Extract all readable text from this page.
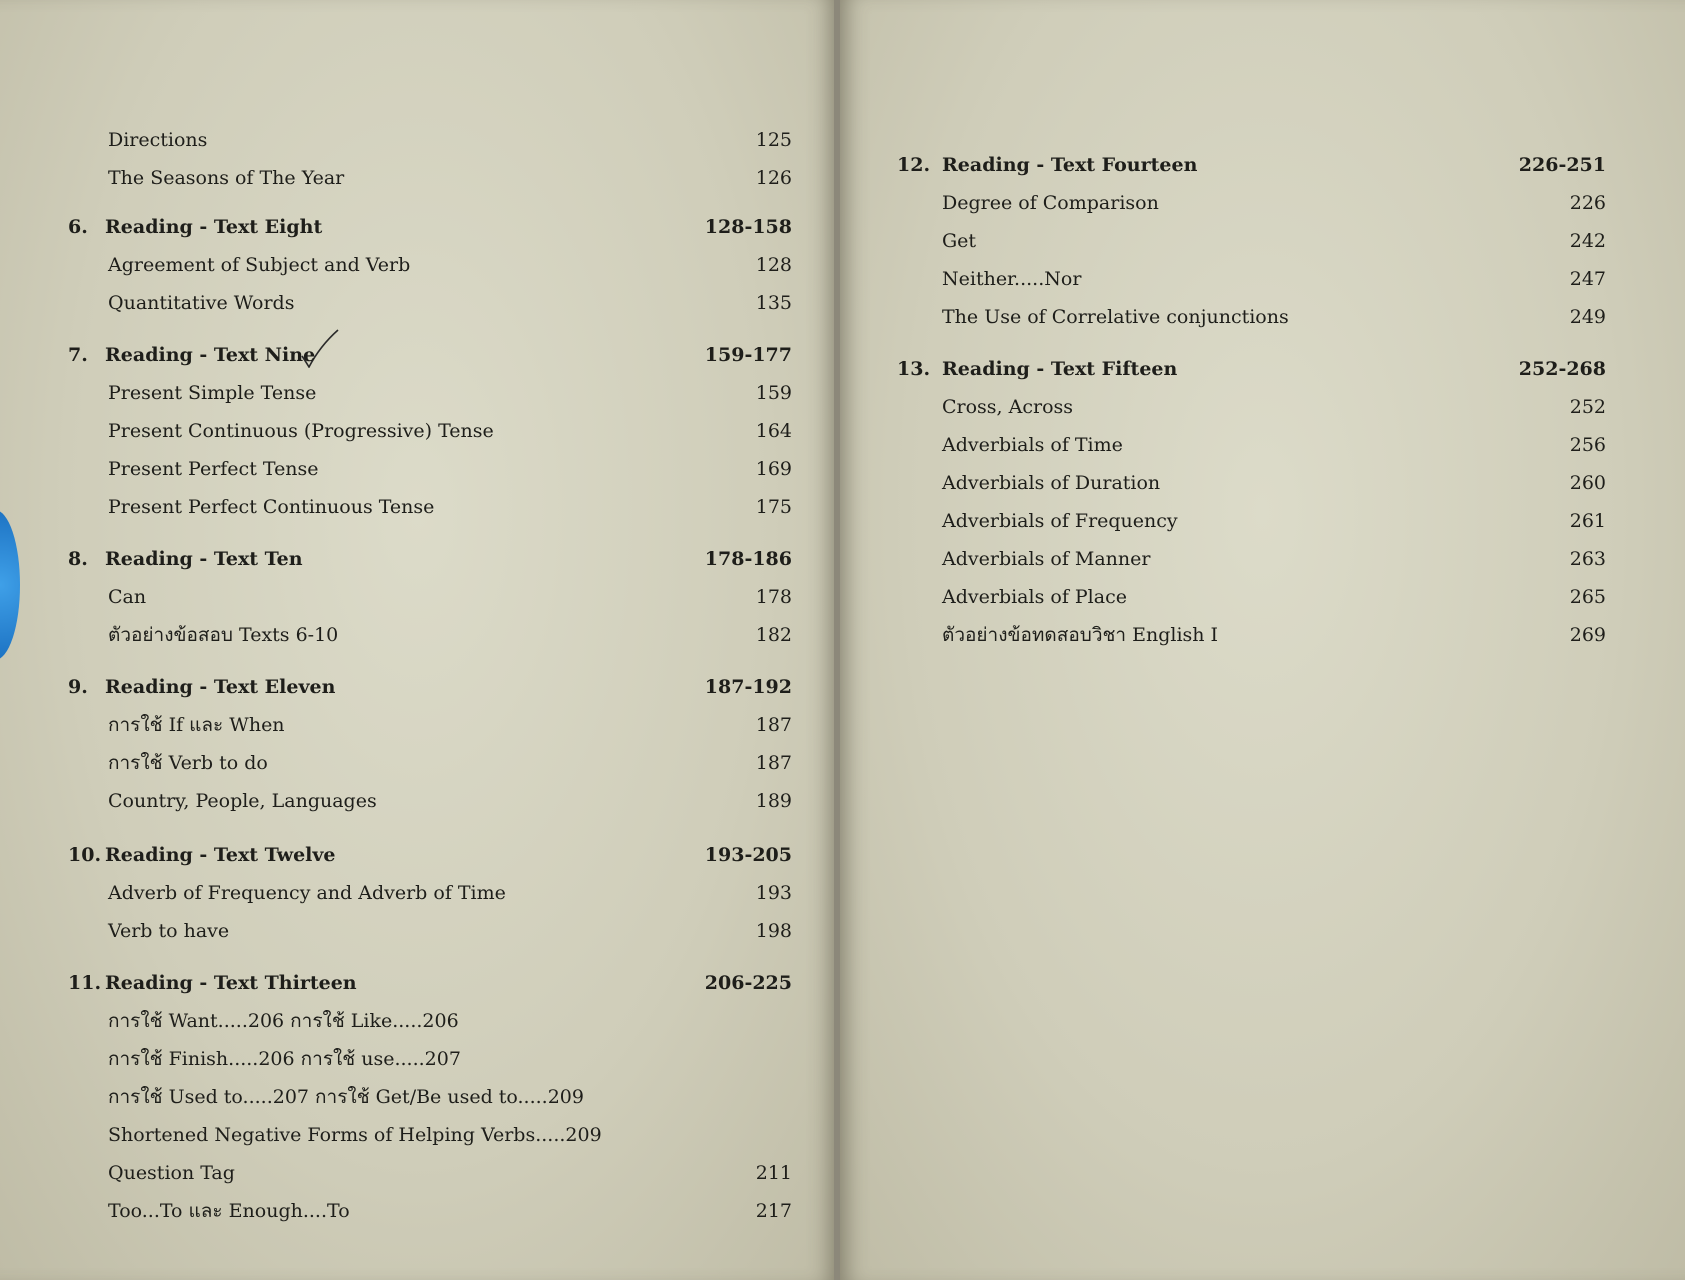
Directions	125
The Seasons of The Year	126
6. Reading - Text Eight	128-158
Agreement of Subject and Verb	128
Quantitative Words	135
7. Reading - Text Nine	159-177
Present Simple Tense	159
Present Continuous (Progressive) Tense	164
Present Perfect Tense	169
Present Perfect Continuous Tense	175
8. Reading - Text Ten	178-186
Can	178
ตัวอย่างข้อสอบ Texts 6-10	182
9. Reading - Text Eleven	187-192
การใช้ If และ When	187
การใช้ Verb to do	187
Country, People, Languages	189
10. Reading - Text Twelve	193-205
Adverb of Frequency and Adverb of Time	193
Verb to have	198
11. Reading - Text Thirteen	206-225
การใช้ Want.....206 การใช้ Like.....206
การใช้ Finish.....206 การใช้ use.....207
การใช้ Used to.....207 การใช้ Get/Be used to.....209
Shortened Negative Forms of Helping Verbs.....209
Question Tag	211
Too...To และ Enough....To	217
12. Reading - Text Fourteen	226-251
Degree of Comparison	226
Get	242
Neither.....Nor	247
The Use of Correlative conjunctions	249
13. Reading - Text Fifteen	252-268
Cross, Across	252
Adverbials of Time	256
Adverbials of Duration	260
Adverbials of Frequency	261
Adverbials of Manner	263
Adverbials of Place	265
ตัวอย่างข้อทดสอบวิชา English I	269
